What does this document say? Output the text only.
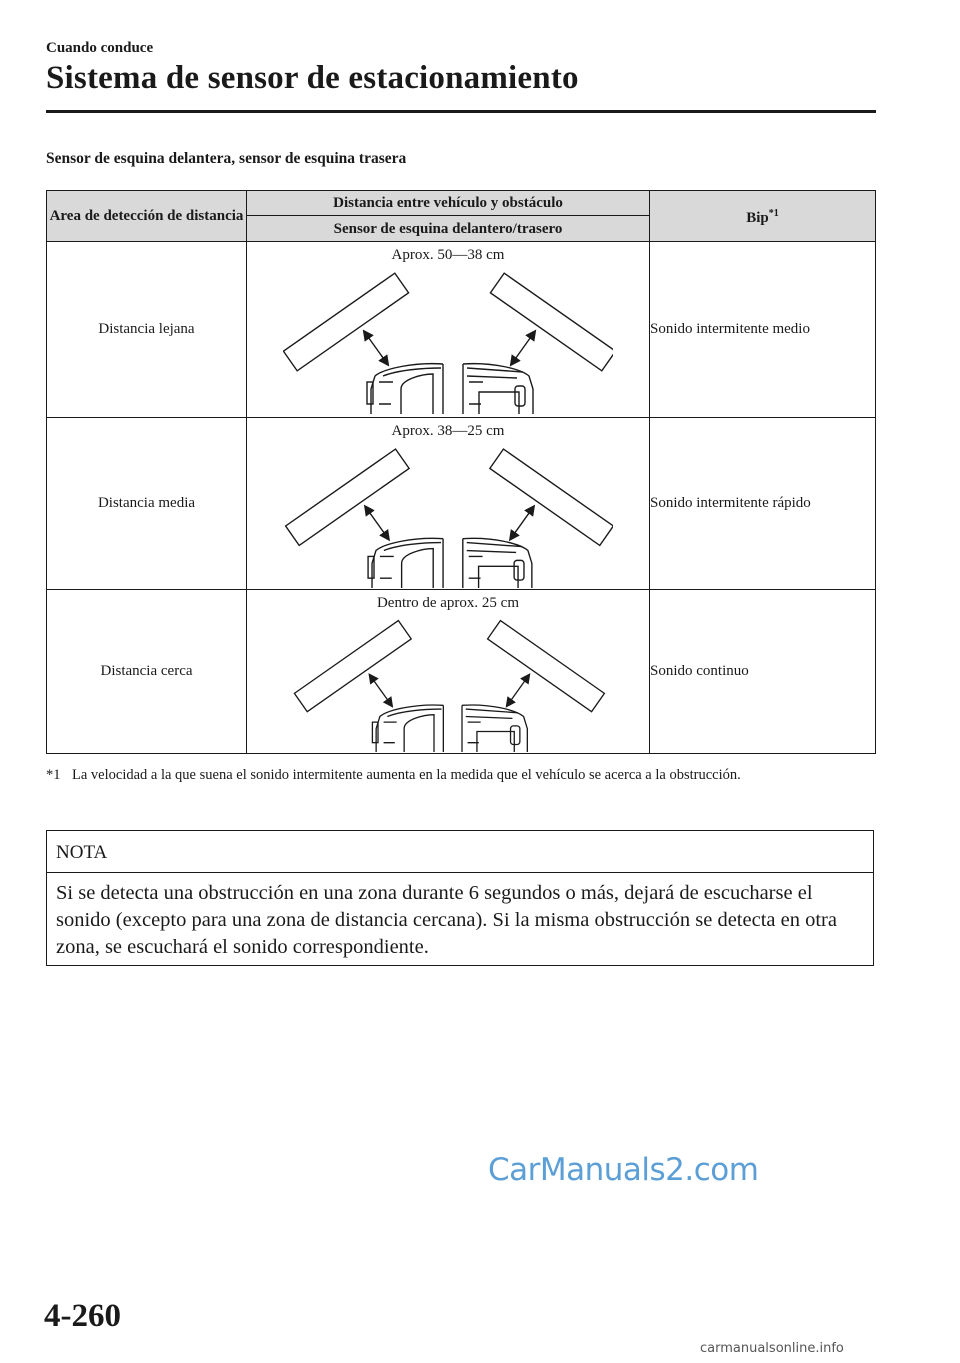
Cuando conduce
Sistema de sensor de estacionamiento
Sensor de esquina delantera, sensor de esquina trasera
Area de detección de distancia	Distancia entre vehículo y obstáculo	Bip$^{*1}$
	Sensor de esquina delantero/trasero	
Distancia lejana	Aprox. 50―38 cm	Sonido intermitente medio
Distancia media	Aprox. 38―25 cm	Sonido intermitente rápido
Distancia cerca	Dentro de aprox. 25 cm	Sonido continuo
*1 La velocidad a la que suena el sonido intermitente aumenta en la medida que el vehículo se acerca a la obstrucción.
NOTA
Si se detecta una obstrucción en una zona durante 6 segundos o más, dejará de escucharse el sonido (excepto para una zona de distancia cercana). Si la misma obstrucción se detecta en otra zona, se escuchará el sonido correspondiente.
CarManuals2.com
4-260
carmanualsonline.info
